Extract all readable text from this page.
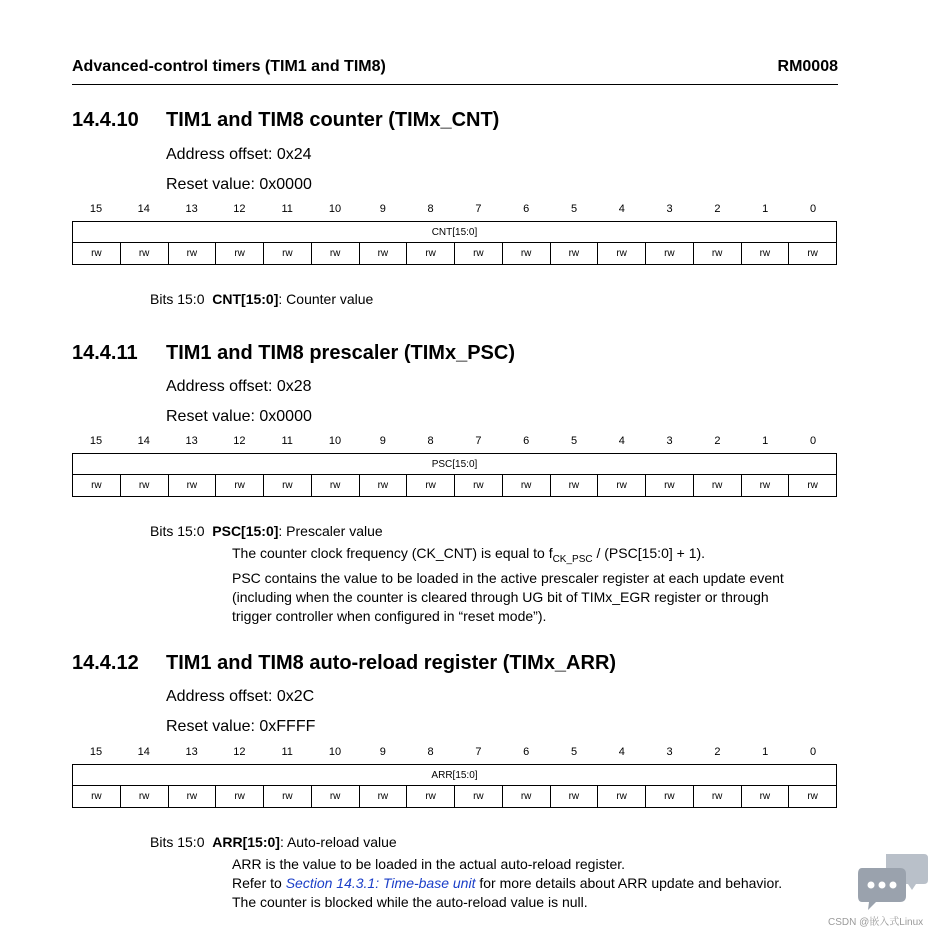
Advanced-control timers (TIM1 and TIM8)	RM0008
14.4.10 TIM1 and TIM8 counter (TIMx_CNT)
Address offset: 0x24
Reset value: 0x0000
15	14	13	12	11	10	9	8	7	6	5	4	3	2	1	0
CNT[15:0]
rw	rw	rw	rw	rw	rw	rw	rw	rw	rw	rw	rw	rw	rw	rw	rw
Bits 15:0 CNT[15:0]: Counter value
14.4.11 TIM1 and TIM8 prescaler (TIMx_PSC)
Address offset: 0x28
Reset value: 0x0000
15	14	13	12	11	10	9	8	7	6	5	4	3	2	1	0
PSC[15:0]
rw	rw	rw	rw	rw	rw	rw	rw	rw	rw	rw	rw	rw	rw	rw	rw
Bits 15:0 PSC[15:0]: Prescaler value

The counter clock frequency (CK_CNT) is equal to $f_{CK\_PSC}$ / (PSC[15:0] + 1).

PSC contains the value to be loaded in the active prescaler register at each update event

(including when the counter is cleared through UG bit of TIMx_EGR register or through

trigger controller when configured in “reset mode”).

14.4.12 TIM1 and TIM8 auto-reload register (TIMx_ARR)
Address offset: 0x2C
Reset value: 0xFFFF
15	14	13	12	11	10	9	8	7	6	5	4	3	2	1	0
ARR[15:0]
rw	rw	rw	rw	rw	rw	rw	rw	rw	rw	rw	rw	rw	rw	rw	rw
Bits 15:0 ARR[15:0]: Auto-reload value

ARR is the value to be loaded in the actual auto-reload register.

Refer to Section 14.3.1: Time-base unit for more details about ARR update and behavior.

The counter is blocked while the auto-reload value is null.

CSDN @嵌入式Linux
